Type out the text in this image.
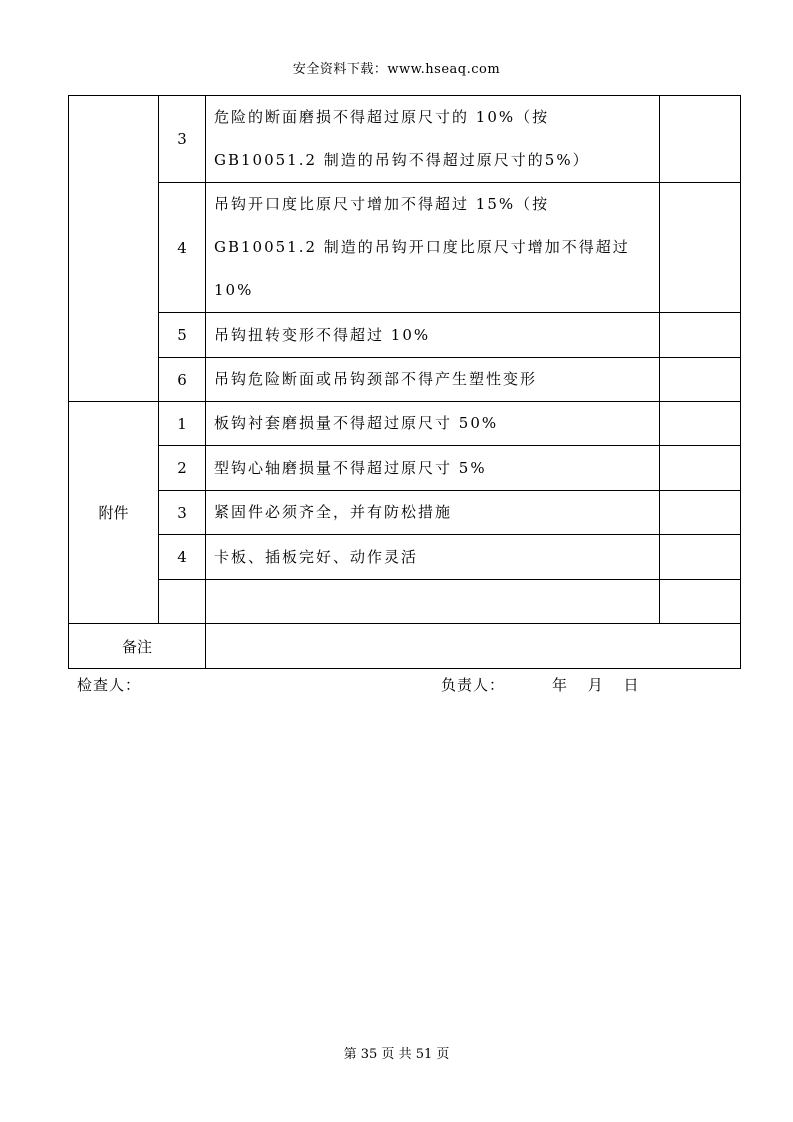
安全资料下载：www.hseaq.com
	3	危险的断面磨损不得超过原尺寸的 10%（按
GB10051.2 制造的吊钩不得超过原尺寸的5%）	

	4	吊钩开口度比原尺寸增加不得超过 15%（按
GB10051.2 制造的吊钩开口度比原尺寸增加不得超过
10%	

	5	吊钩扭转变形不得超过 10%	

	6	吊钩危险断面或吊钩颈部不得产生塑性变形	

附件	1	板钩衬套磨损量不得超过原尺寸 50%	
	2	型钩心轴磨损量不得超过原尺寸 5%	
	3	紧固件必须齐全，并有防松措施	
	4	卡板、插板完好、动作灵活	

备注			
检查人：	负责人：	年 月 日
第 35 页 共 51 页
